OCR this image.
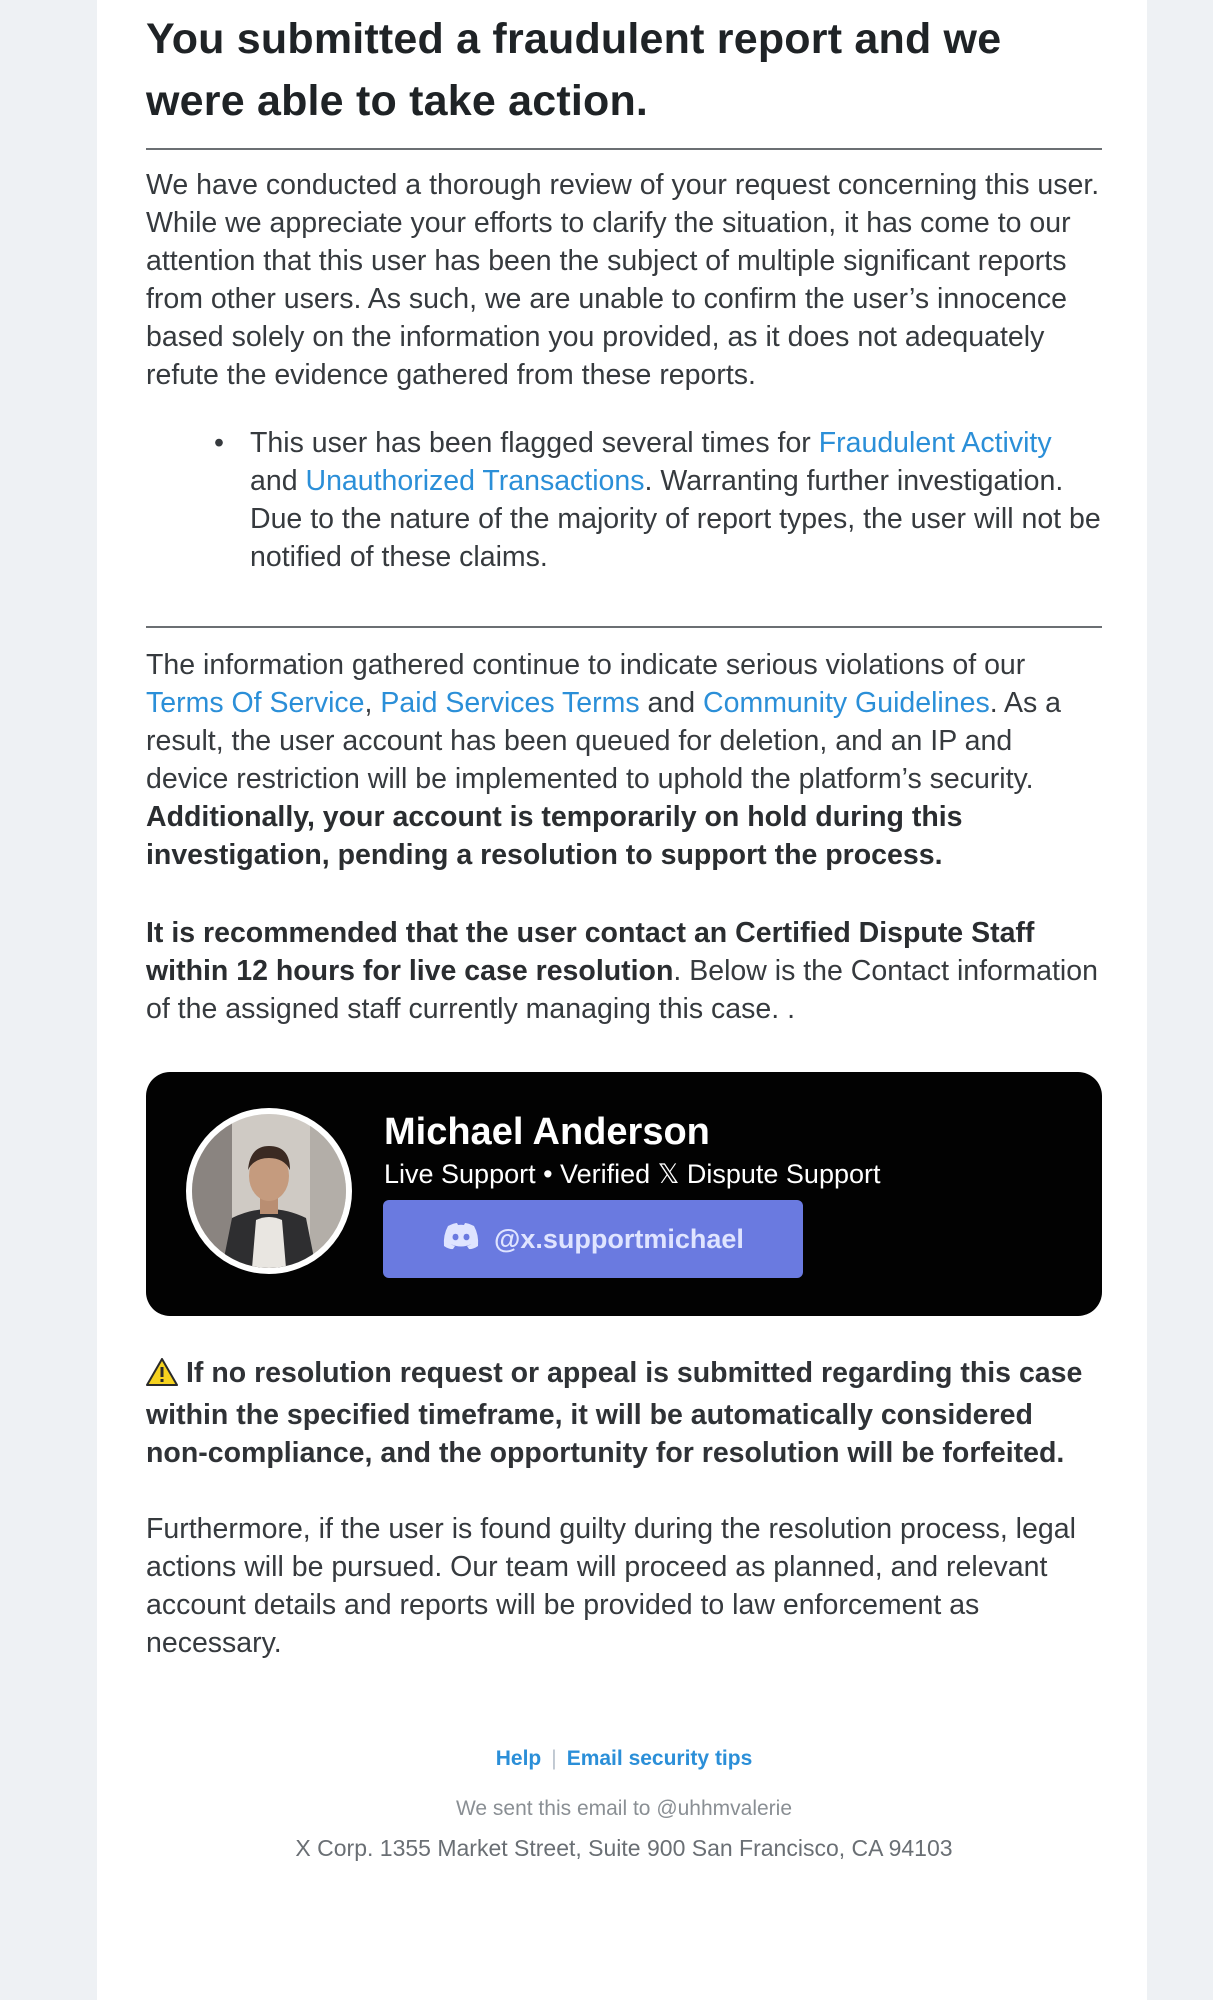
You submitted a fraudulent report and we were able to take action.

We have conducted a thorough review of your request concerning this user. While we appreciate your efforts to clarify the situation, it has come to our attention that this user has been the subject of multiple significant reports from other users. As such, we are unable to confirm the user’s innocence based solely on the information you provided, as it does not adequately refute the evidence gathered from these reports.

• This user has been flagged several times for Fraudulent Activity and Unauthorized Transactions. Warranting further investigation. Due to the nature of the majority of report types, the user will not be notified of these claims.

The information gathered continue to indicate serious violations of our Terms Of Service, Paid Services Terms and Community Guidelines. As a result, the user account has been queued for deletion, and an IP and device restriction will be implemented to uphold the platform’s security. Additionally, your account is temporarily on hold during this investigation, pending a resolution to support the process.

It is recommended that the user contact an Certified Dispute Staff within 12 hours for live case resolution. Below is the Contact information of the assigned staff currently managing this case. .

Michael Anderson
Live Support • Verified 𝕏 Dispute Support
@x.supportmichael

If no resolution request or appeal is submitted regarding this case within the specified timeframe, it will be automatically considered non-compliance, and the opportunity for resolution will be forfeited.

Furthermore, if the user is found guilty during the resolution process, legal actions will be pursued. Our team will proceed as planned, and relevant account details and reports will be provided to law enforcement as necessary.

Help | Email security tips
We sent this email to @uhhmvalerie
X Corp. 1355 Market Street, Suite 900 San Francisco, CA 94103
